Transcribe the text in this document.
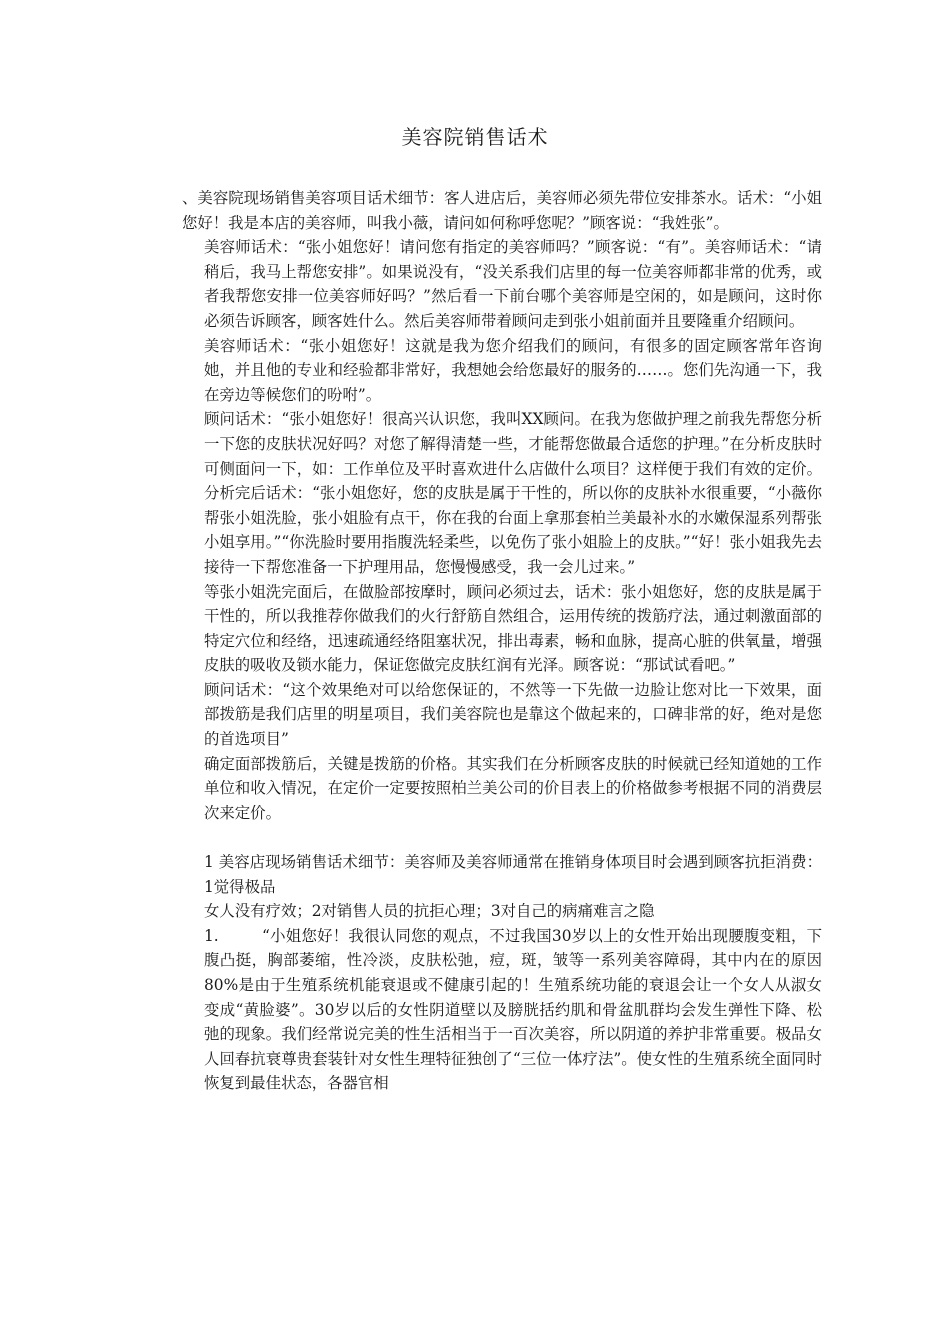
美容院销售话术

、美容院现场销售美容项目话术细节：客人进店后，美容师必须先带位安排茶水。话术：“小姐您好！我是本店的美容师，叫我小薇，请问如何称呼您呢？”顾客说：“我姓张”。

美容师话术：“张小姐您好！请问您有指定的美容师吗？”顾客说：“有”。美容师话术：“请稍后，我马上帮您安排”。如果说没有，“没关系我们店里的每一位美容师都非常的优秀，或者我帮您安排一位美容师好吗？”然后看一下前台哪个美容师是空闲的，如是顾问，这时你必须告诉顾客，顾客姓什么。然后美容师带着顾问走到张小姐前面并且要隆重介绍顾问。

美容师话术：“张小姐您好！这就是我为您介绍我们的顾问，有很多的固定顾客常年咨询她，并且他的专业和经验都非常好，我想她会给您最好的服务的……。您们先沟通一下，我在旁边等候您们的吩咐”。

顾问话术：“张小姐您好！很高兴认识您，我叫XX顾问。在我为您做护理之前我先帮您分析一下您的皮肤状况好吗？对您了解得清楚一些，才能帮您做最合适您的护理。”在分析皮肤时可侧面问一下，如：工作单位及平时喜欢进什么店做什么项目？这样便于我们有效的定价。分析完后话术：“张小姐您好，您的皮肤是属于干性的，所以你的皮肤补水很重要，“小薇你帮张小姐洗脸，张小姐脸有点干，你在我的台面上拿那套柏兰美最补水的水嫩保湿系列帮张小姐享用。”“你洗脸时要用指腹洗轻柔些，以免伤了张小姐脸上的皮肤。”“好！张小姐我先去接待一下帮您准备一下护理用品，您慢慢感受，我一会儿过来。”

等张小姐洗完面后，在做脸部按摩时，顾问必须过去，话术：张小姐您好，您的皮肤是属于干性的，所以我推荐你做我们的火行舒筋自然组合，运用传统的拨筋疗法，通过刺激面部的特定穴位和经络，迅速疏通经络阻塞状况，排出毒素，畅和血脉，提高心脏的供氧量，增强皮肤的吸收及锁水能力，保证您做完皮肤红润有光泽。顾客说：“那试试看吧。”

顾问话术：“这个效果绝对可以给您保证的，不然等一下先做一边脸让您对比一下效果，面部拨筋是我们店里的明星项目，我们美容院也是靠这个做起来的，口碑非常的好，绝对是您的首选项目”

确定面部拨筋后，关键是拨筋的价格。其实我们在分析顾客皮肤的时候就已经知道她的工作单位和收入情况，在定价一定要按照柏兰美公司的价目表上的价格做参考根据不同的消费层次来定价。

1 美容店现场销售话术细节：美容师及美容师通常在推销身体项目时会遇到顾客抗拒消费：1觉得极品

女人没有疗效；2对销售人员的抗拒心理；3对自己的病痛难言之隐

1.	“小姐您好！我很认同您的观点，不过我国30岁以上的女性开始出现腰腹变粗，下腹凸挺，胸部萎缩，性冷淡，皮肤松弛，痘，斑，皱等一系列美容障碍，其中内在的原因80%是由于生殖系统机能衰退或不健康引起的！生殖系统功能的衰退会让一个女人从淑女变成“黄脸婆”。30岁以后的女性阴道壁以及膀胱括约肌和骨盆肌群均会发生弹性下降、松弛的现象。我们经常说完美的性生活相当于一百次美容，所以阴道的养护非常重要。极品女人回春抗衰尊贵套装针对女性生理特征独创了“三位一体疗法”。使女性的生殖系统全面同时恢复到最佳状态，各器官相
